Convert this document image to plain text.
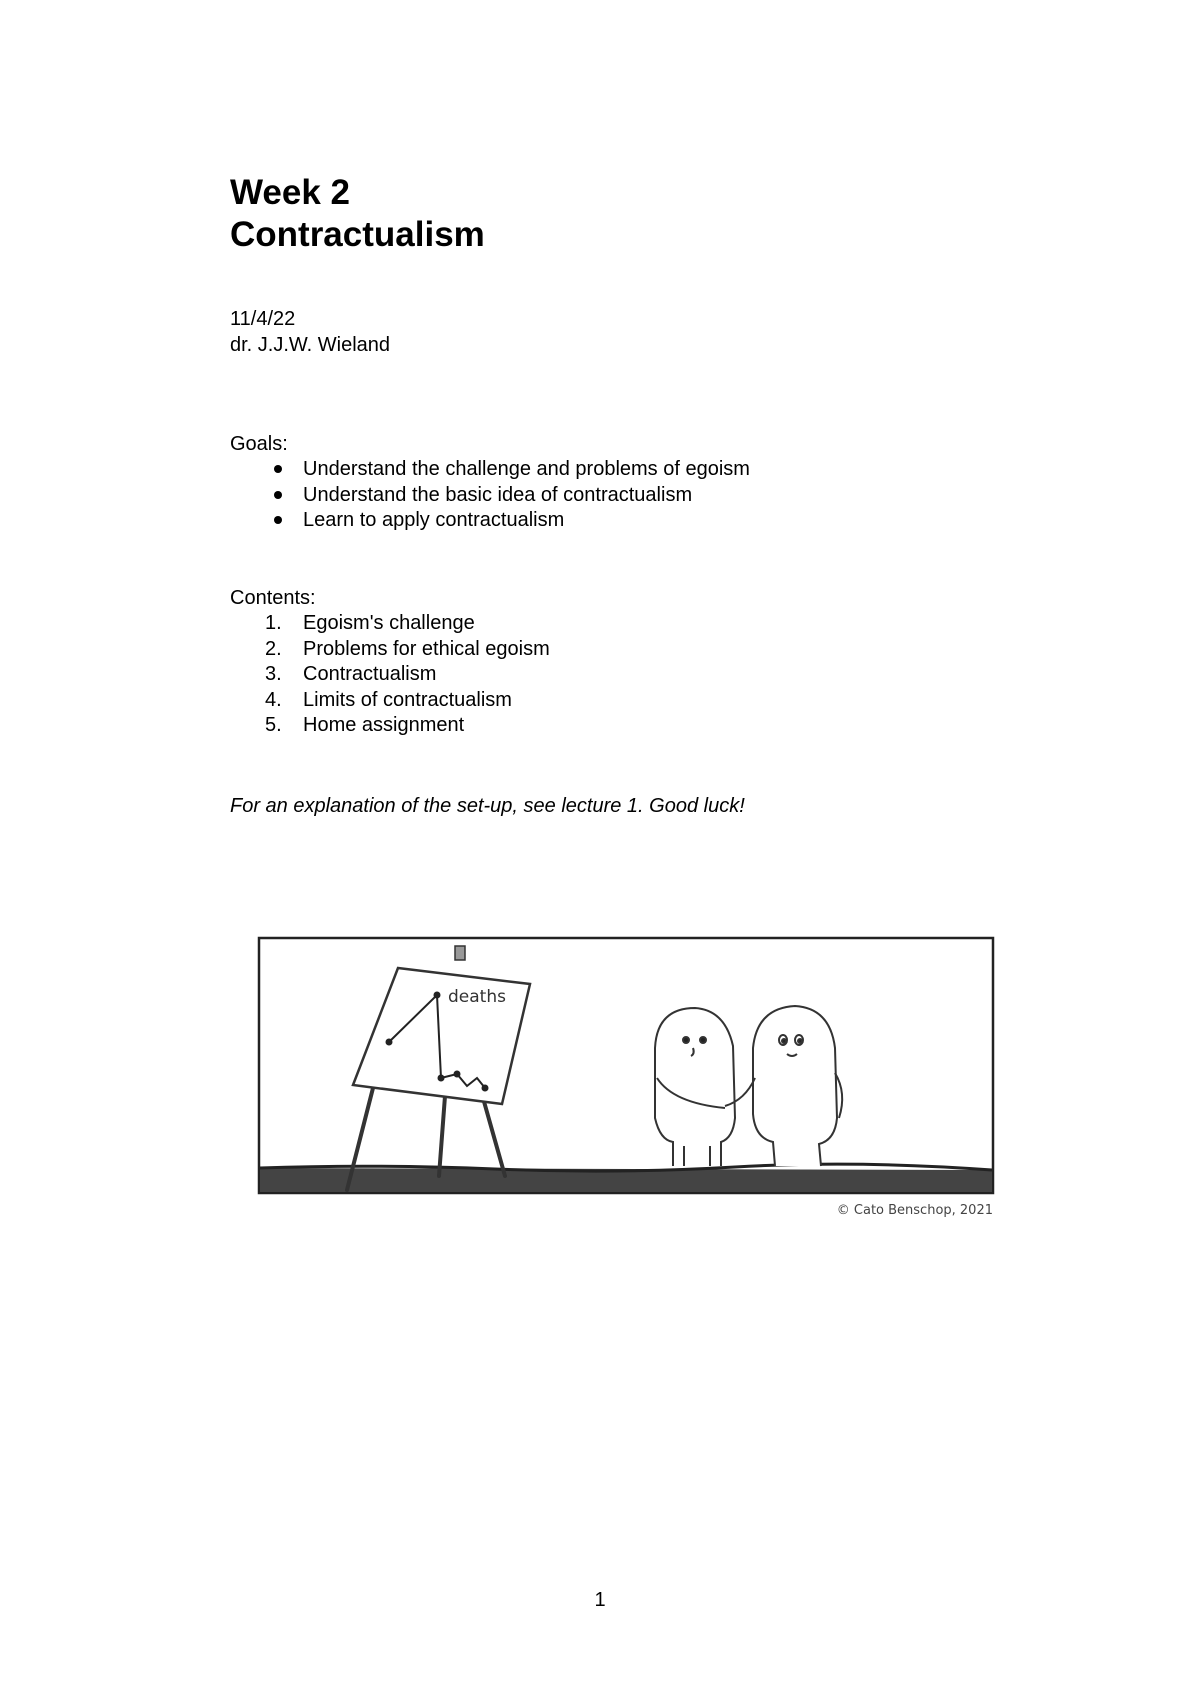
Week 2
Contractualism
11/4/22
dr. J.J.W. Wieland
Goals:
Understand the challenge and problems of egoism
Understand the basic idea of contractualism
Learn to apply contractualism
Contents:
1. Egoism's challenge
2. Problems for ethical egoism
3. Contractualism
4. Limits of contractualism
5. Home assignment
For an explanation of the set-up, see lecture 1. Good luck!
deaths
© Cato Benschop, 2021
1
